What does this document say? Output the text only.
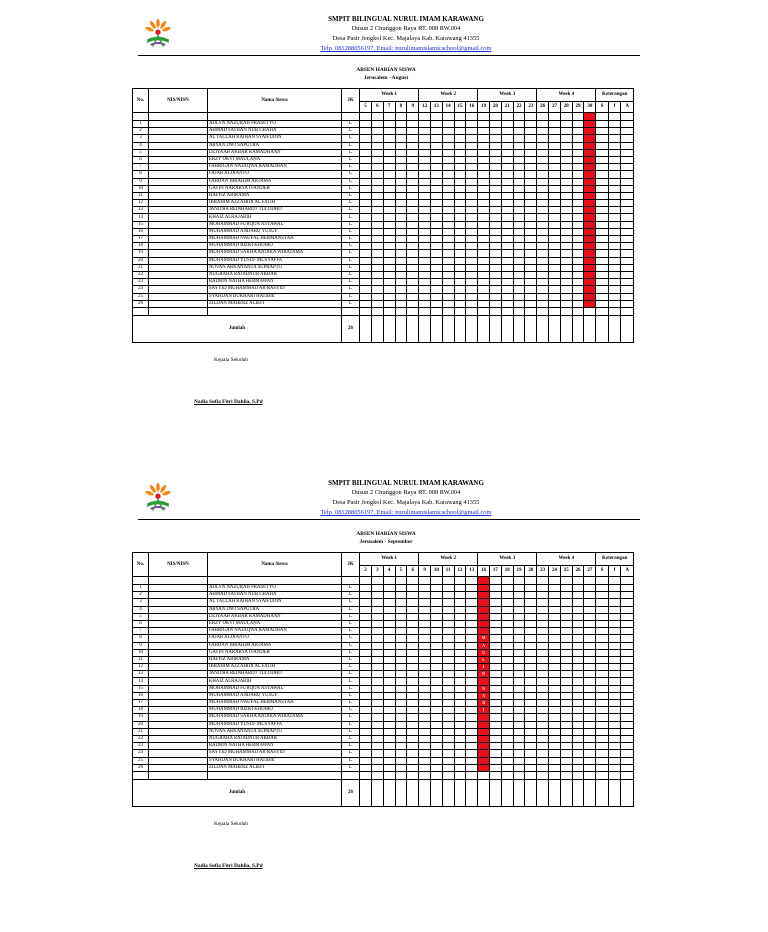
SMPIT BILINGUAL NURUL IMAM KARAWANG
Dusun 2 Ciranggon Raya RT. 008 RW.004
Desa Pasir Jengkol Kec. Majalaya Kab. Karawang 41355
Telp. 081288056197, Email: nurulimamislamicschool@gmail.com
ABSEN HARIAN SISWA
Jerusalem - August
No.	NIS/NISN	Nama Siswa	JK	Week 1					Week 2					Week 3					Week 4					Keterangan		
				5	6	7	8	9	12	13	14	15	16	19	20	21	22	23	26	27	28	29	30	S	I	A

1		ADLYN NAZURAH PRASETYO	L																							
2		AHMAD FATHAN NUR GRAHA	L																							
3		AL TALLAH RAIHAN SYAIFUDIN	L																							
4		ARYAN DWI SAPUTRA	L																							
5		DZIYAAB AKBAR RAMADHAAN	L																							
6		ERZY OKVI MAULANA	L																							
7		FABRIGAN NATAQWA RAMADHAN	L																							
8		FAJAR ALDIANTO	L																							
9		FARDAN IBRAHIM ARTAMA	L																							
10		GAVIN NARARYA IVANDER	L																							
11		HAFFIZ ABIRAMA	L																							
12		IBRAHIM AZZAHIDI AL FATIH	L																							
13		JANITRA REINHARDT TULODHO	L																							
14		KHAIZ ALRAJABIH	L																							
15		MOHAMMAD FURQON ASYAWAL	L																							
16		MUHAMMAD ANDARU YUSUF	L																							
17		MUHAMMAD NAUFAL HERMANSYAH	L																							
18		MUHAMMAD RIZKI KHOIRO	L																							
19		MUHAMMAD SAKHA ANDIKA WIRATAMA	L																							
20		MUHAMMAD YUSUF MUSYAFFA	L																							
21		NOVAN ARKANANTA SUPRAPTO	L																							
22		NUGRAHA RAJABNUR AKBAR	L																							
23		RADRIN NATHA HERMAWAN	L																							
24		SAYYID MUHAMMAD AR RASYID	L																							
25		SYAHDAN BUKHARI HATIBIE	L																							
26		ZILDAN MAHERZ ALIEFI	L																							

Jumlah			26																							
Kepala Sekolah
Nadia Sofia Fitri Dahlia, S.Pd
SMPIT BILINGUAL NURUL IMAM KARAWANG
Dusun 2 Ciranggon Raya RT. 008 RW.004
Desa Pasir Jengkol Kec. Majalaya Kab. Karawang 41355
Telp. 081288056197, Email: nurulimamislamicschool@gmail.com
ABSEN HARIAN SISWA
Jerusalem - September
No.	NIS/NISN	Nama Siswa	JK	Week 1					Week 2					Week 3					Week 4					Keterangan		
				2	3	4	5	6	9	10	11	12	13	16	17	18	19	20	23	24	25	26	27	S	I	A

1		ADLYN NAZURAH PRASETYO	L																							
2		AHMAD FATHAN NUR GRAHA	L																							
3		AL TALLAH RAIHAN SYAIFUDIN	L																							
4		ARYAN DWI SAPUTRA	L																							
5		DZIYAAB AKBAR RAMADHAAN	L																							
6		ERZY OKVI MAULANA	L																							
7		FABRIGAN NATAQWA RAMADHAN	L																							
8		FAJAR ALDIANTO	L											M												
9		FARDAN IBRAHIM ARTAMA	L											A												
10		GAVIN NARARYA IVANDER	L											U												
11		HAFFIZ ABIRAMA	L											L												
12		IBRAHIM AZZAHIDI AL FATIH	L											I												
13		JANITRA REINHARDT TULODHO	L											D												
14		KHAIZ ALRAJABIH	L																							
15		MOHAMMAD FURQON ASYAWAL	L											N												
16		MUHAMMAD ANDARU YUSUF	L											A												
17		MUHAMMAD NAUFAL HERMANSYAH	L											B												
18		MUHAMMAD RIZKI KHOIRO	L											I												
19		MUHAMMAD SAKHA ANDIKA WIRATAMA	L																							
20		MUHAMMAD YUSUF MUSYAFFA	L																							
21		NOVAN ARKANANTA SUPRAPTO	L																							
22		NUGRAHA RAJABNUR AKBAR	L																							
23		RADRIN NATHA HERMAWAN	L																							
24		SAYYID MUHAMMAD AR RASYID	L																							
25		SYAHDAN BUKHARI HATIBIE	L																							
26		ZILDAN MAHERZ ALIEFI	L																							

Jumlah			26																							
Kepala Sekolah
Nadia Sofia Fitri Dahlia, S.Pd
